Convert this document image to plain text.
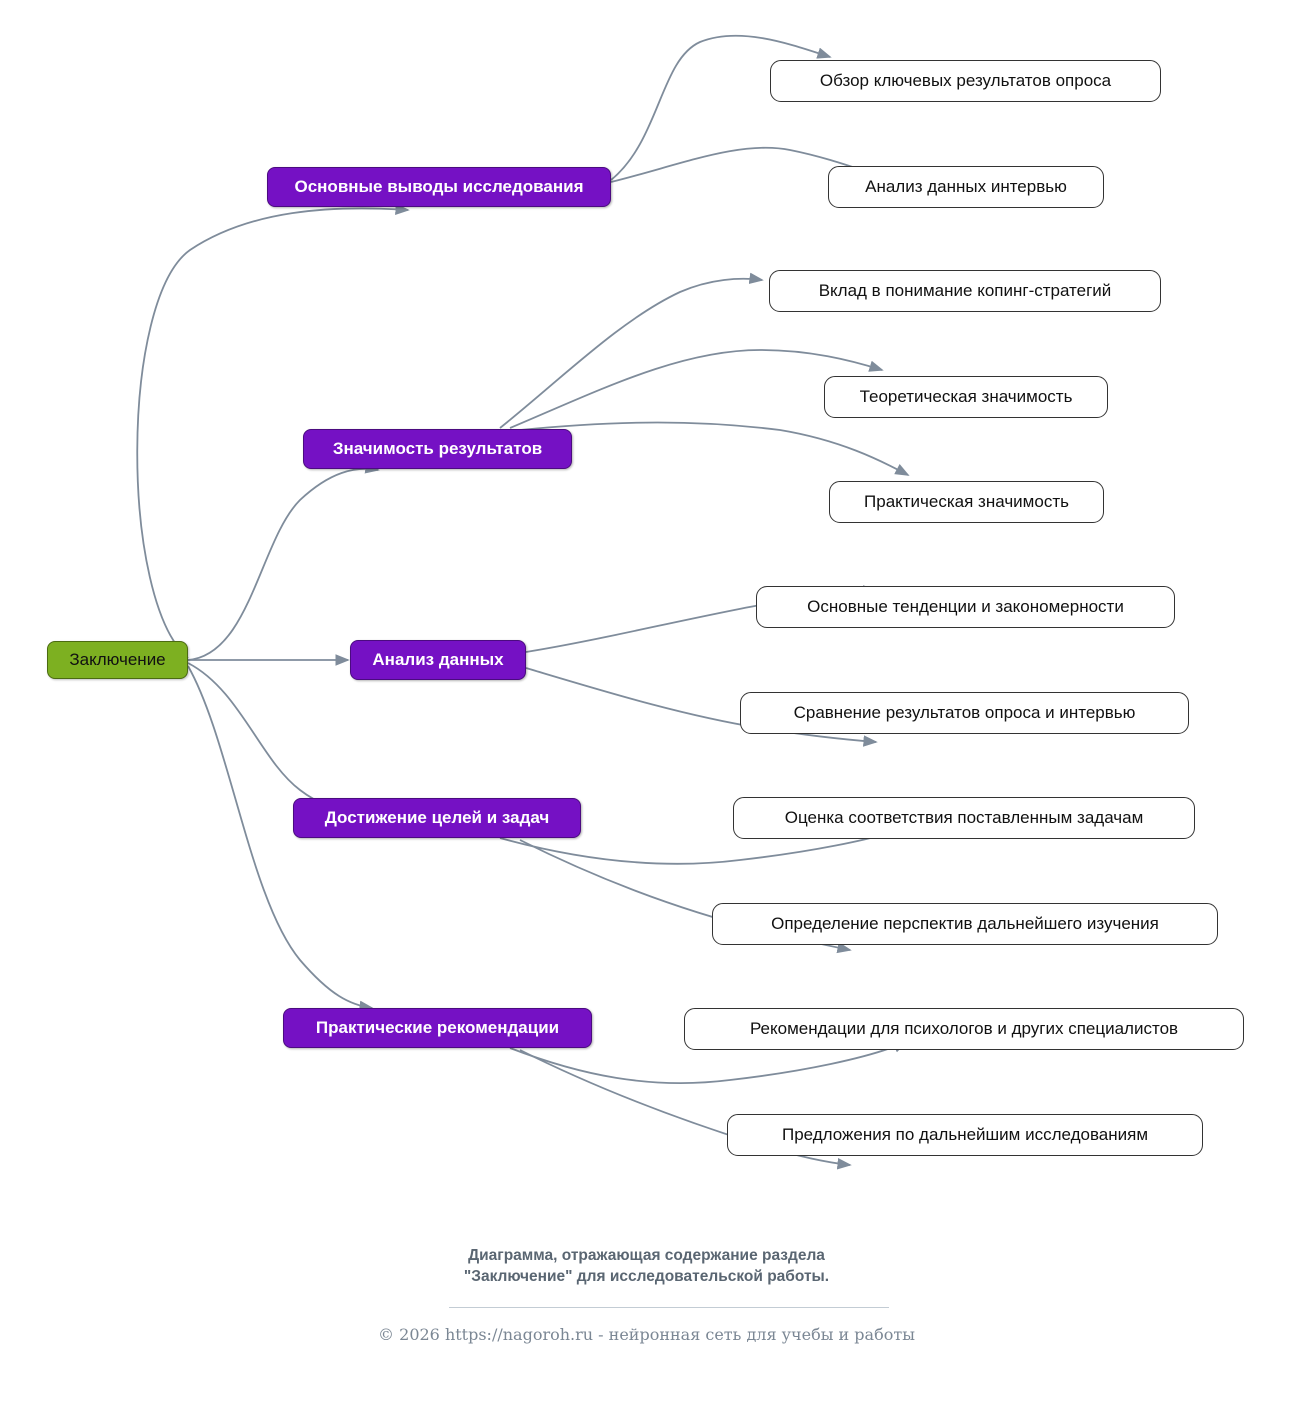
Заключение
Основные выводы исследования
Значимость результатов
Анализ данных
Достижение целей и задач
Практические рекомендации
Обзор ключевых результатов опроса
Анализ данных интервью
Вклад в понимание копинг-стратегий
Теоретическая значимость
Практическая значимость
Основные тенденции и закономерности
Сравнение результатов опроса и интервью
Оценка соответствия поставленным задачам
Определение перспектив дальнейшего изучения
Рекомендации для психологов и других специалистов
Предложения по дальнейшим исследованиям
Диаграмма, отражающая содержание раздела
"Заключение" для исследовательской работы.
© 2026 https://nagoroh.ru - нейронная сеть для учебы и работы
